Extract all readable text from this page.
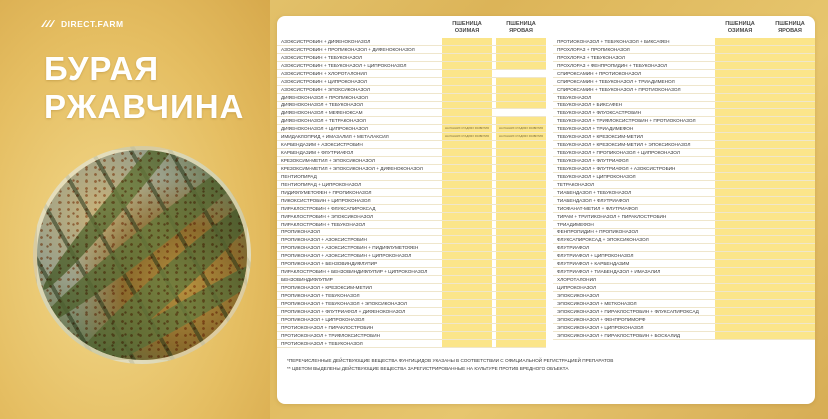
DIRECT.FARM
БУРАЯ
РЖАВЧИНА
ПШЕНИЦА ОЗИМАЯ
ПШЕНИЦА ЯРОВАЯ
АЗОКСИСТРОБИН + ДИФЕНОКОНАЗОЛ
АЗОКСИСТРОБИН + ПРОПИКОНАЗОЛ + ДИФЕНОКОНАЗОЛ
АЗОКСИСТРОБИН + ТЕБУКОНАЗОЛ
АЗОКСИСТРОБИН + ТЕБУКОНАЗОЛ + ЦИПРОКОНАЗОЛ
АЗОКСИСТРОБИН + ХЛОРОТАЛОНИЛ
АЗОКСИСТРОБИН + ЦИПРОКОНАЗОЛ
АЗОКСИСТРОБИН + ЭПОКСИКОНАЗОЛ
ДИФЕНОКОНАЗОЛ + ПРОПИКОНАЗОЛ
ДИФЕНОКОНАЗОЛ + ТЕБУКОНАЗОЛ
ДИФЕНОКОНАЗОЛ + МЕФЕНОКСАМ
ДИФЕНОКОНАЗОЛ + ТЕТРАКОНАЗОЛ
ДИФЕНОКОНАЗОЛ + ЦИПРОКОНАЗОЛ	НА РАННИХ СТАДИЯХ РАЗВИТИЯ	НА РАННИХ СТАДИЯХ РАЗВИТИЯ
ИМИДАКЛОПРИД + ИМАЗАЛИЛ + МЕТАЛАКСИЛ	НА РАННИХ СТАДИЯХ РАЗВИТИЯ	НА РАННИХ СТАДИЯХ РАЗВИТИЯ
КАРБЕНДАЗИМ + АЗОКСИСТРОБИН
КАРБЕНДАЗИМ + ФЛУТРИАФОЛ
КРЕЗОКСИМ-МЕТИЛ + ЭПОКСИКОНАЗОЛ
КРЕЗОКСИМ-МЕТИЛ + ЭПОКСИКОНАЗОЛ + ДИФЕНОКОНАЗОЛ
ПЕНТИОПИРАД
ПЕНТИОПИРАД + ЦИПРОКОНАЗОЛ
ПИДИФЛУМЕТОФЕН + ПРОПИКОНАЗОЛ
ПИКОКСИСТРОБИН + ЦИПРОКОНАЗОЛ
ПИРАКЛОСТРОБИН + ФЛУКСАПИРОКСАД
ПИРАКЛОСТРОБИН + ЭПОКСИКОНАЗОЛ
ПИРАКЛОСТРОБИН + ТЕБУКОНАЗОЛ
ПРОПИКОНАЗОЛ
ПРОПИКОНАЗОЛ + АЗОКСИСТРОБИН
ПРОПИКОНАЗОЛ + АЗОКСИСТРОБИН + ПИДИФЛУМЕТОФЕН
ПРОПИКОНАЗОЛ + АЗОКСИСТРОБИН + ЦИПРОКОНАЗОЛ
ПРОПИКОНАЗОЛ + БЕНЗОВИНДИФЛУПИР
ПИРАКЛОСТРОБИН + БЕНЗОВИНДИФЛУПИР + ЦИПРОКОНАЗОЛ
БЕНЗОВИНДИФЛУПИР
ПРОПИКОНАЗОЛ + КРЕЗОКСИМ-МЕТИЛ
ПРОПИКОНАЗОЛ + ТЕБУКОНАЗОЛ
ПРОПИКОНАЗОЛ + ТЕБУКОНАЗОЛ + ЭПОКСИКОНАЗОЛ
ПРОПИКОНАЗОЛ + ФЛУТРИАФОЛ + ДИФЕНОКОНАЗОЛ
ПРОПИКОНАЗОЛ + ЦИПРОКОНАЗОЛ
ПРОТИОКОНАЗОЛ + ПИРАКЛОСТРОБИН
ПРОТИОКОНАЗОЛ + ТРИФЛОКСИСТРОБИН
ПРОТИОКОНАЗОЛ + ТЕБУКОНАЗОЛ
ПШЕНИЦА ОЗИМАЯ
ПШЕНИЦА ЯРОВАЯ
ПРОТИОКОНАЗОЛ + ТЕБУКОНАЗОЛ + БИКСАФЕН
ПРОХЛОРАЗ + ПРОПИКОНАЗОЛ
ПРОХЛОРАЗ + ТЕБУКОНАЗОЛ
ПРОХЛОРАЗ + ФЕНПРОПИДИН + ТЕБУКОНАЗОЛ
СПИРОКСАМИН + ПРОТИОКОНАЗОЛ
СПИРОКСАМИН + ТЕБУКОНАЗОЛ + ТРИАДИМЕНОЛ
СПИРОКСАМИН + ТЕБУКОНАЗОЛ + ПРОТИОКОНАЗОЛ
ТЕБУКОНАЗОЛ
ТЕБУКОНАЗОЛ + БИКСАФЕН
ТЕБУКОНАЗОЛ + ФЛУОКСАСТРОБИН
ТЕБУКОНАЗОЛ + ТРИФЛОКСИСТРОБИН + ПРОТИОКОНАЗОЛ
ТЕБУКОНАЗОЛ + ТРИАДИМЕФОН
ТЕБУКОНАЗОЛ + КРЕЗОКСИМ-МЕТИЛ
ТЕБУКОНАЗОЛ + КРЕЗОКСИМ-МЕТИЛ + ЭПОКСИКОНАЗОЛ
ТЕБУКОНАЗОЛ + ПРОПИКОНАЗОЛ + ЦИПРОКОНАЗОЛ
ТЕБУКОНАЗОЛ + ФЛУТРИАФОЛ
ТЕБУКОНАЗОЛ + ФЛУТРИАФОЛ + АЗОКСИСТРОБИН
ТЕБУКОНАЗОЛ + ЦИПРОКОНАЗОЛ
ТЕТРАКОНАЗОЛ
ТИАБЕНДАЗОЛ + ТЕБУКОНАЗОЛ
ТИАБЕНДАЗОЛ + ФЛУТРИАФОЛ
ТИОФАНАТ-МЕТИЛ + ФЛУТРИАФОЛ
ТИРАМ + ТРИТИКОНАЗОЛ + ПИРАКЛОСТРОБИН
ТРИАДИМЕФОН
ФЕНПРОПИДИН + ПРОПИКОНАЗОЛ
ФЛУКСАПИРОКСАД + ЭПОКСИКОНАЗОЛ
ФЛУТРИАФОЛ
ФЛУТРИАФОЛ + ЦИПРОКОНАЗОЛ
ФЛУТРИАФОЛ + КАРБЕНДАЗИМ
ФЛУТРИАФОЛ + ТИАБЕНДАЗОЛ + ИМАЗАЛИЛ
ХЛОРОТАЛОНИЛ
ЦИПРОКОНАЗОЛ
ЭПОКСИКОНАЗОЛ
ЭПОКСИКОНАЗОЛ + МЕТКОНАЗОЛ
ЭПОКСИКОНАЗОЛ + ПИРАКЛОСТРОБИН + ФЛУКСАПИРОКСАД
ЭПОКСИКОНАЗОЛ + ФЕНПРОПИМОРФ
ЭПОКСИКОНАЗОЛ + ЦИПРОКОНАЗОЛ
ЭПОКСИКОНАЗОЛ + ПИРАКЛОСТРОБИН + БОСКАЛИД
*ПЕРЕЧИСЛЕННЫЕ ДЕЙСТВУЮЩИЕ ВЕЩЕСТВА ФУНГИЦИДОВ УКАЗАНЫ В СООТВЕТСТВИИ С ОФИЦИАЛЬНОЙ РЕГИСТРАЦИЕЙ ПРЕПАРАТОВ
** ЦВЕТОМ ВЫДЕЛЕНЫ ДЕЙСТВУЮЩИЕ ВЕЩЕСТВА ЗАРЕГИСТРИРОВАННЫЕ НА КУЛЬТУРЕ ПРОТИВ ВРЕДНОГО ОБЪЕКТА
